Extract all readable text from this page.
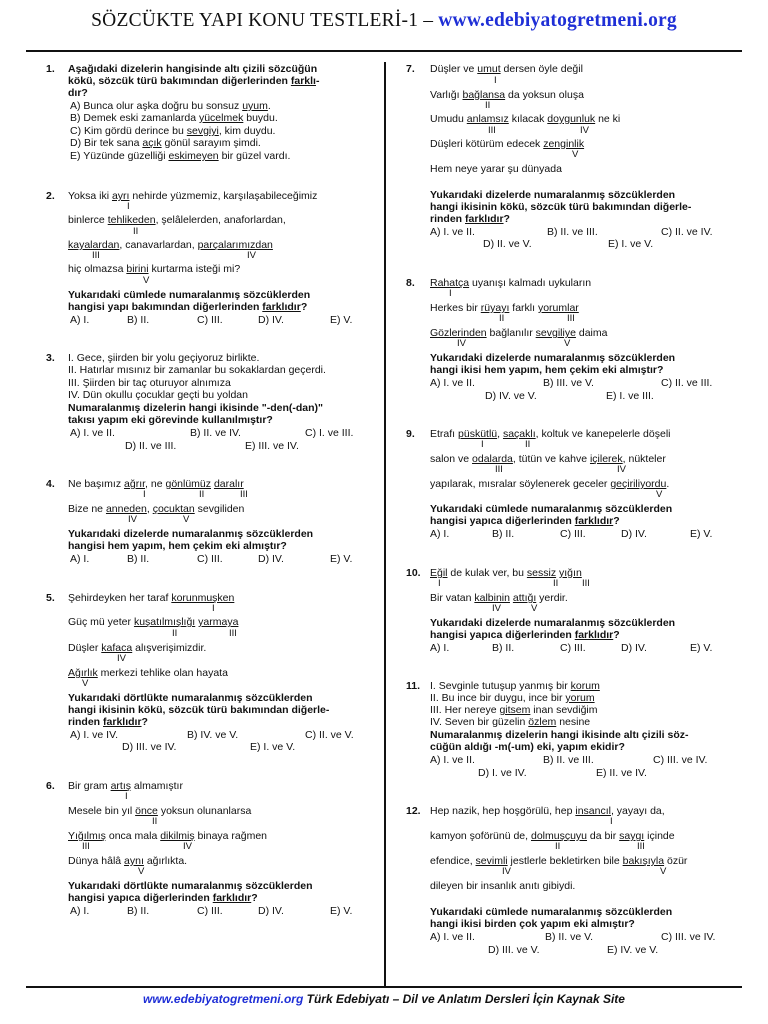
SÖZCÜKTE YAPI KONU TESTLERİ-1 – www.edebiyatogretmeni.org
1. Aşağıdaki dizelerin hangisinde altı çizili sözcüğün
kökü, sözcük türü bakımından diğerlerinden farklı-
dır?
A) Bunca olur aşka doğru bu sonsuz uyum.
B) Demek eski zamanlarda yücelmek buydu.
C) Kim gördü derince bu sevgiyi, kim duydu.
D) Bir tek sana açık gönül sarayım şimdi.
E) Yüzünde güzelliği eskimeyen bir güzel vardı.
2. Yoksa iki ayrı nehirde yüzmemiz, karşılaşabileceğimiz
I
binlerce tehlikeden, şelâlelerden, anaforlardan,
II
kayalardan, canavarlardan, parçalarımızdan
III	IV
hiç olmazsa birini kurtarma isteği mi?
V
Yukarıdaki cümlede numaralanmış sözcüklerden
hangisi yapı bakımından diğerlerinden farklıdır?
A) I.	B) II.	C) III.	D) IV.	E) V.
3. I. Gece, şiirden bir yolu geçiyoruz birlikte.
II. Hatırlar mısınız bir zamanlar bu sokaklardan geçerdi.
III. Şiirden bir taç oturuyor alnımıza
IV. Dün okullu çocuklar geçti bu yoldan
Numaralanmış dizelerin hangi ikisinde "-den(-dan)"
takısı yapım eki görevinde kullanılmıştır?
A) I. ve II.	B) II. ve IV.	C) I. ve III.
D) II. ve III.	E) III. ve IV.
4. Ne başımız ağrır, ne gönlümüz daralır
I	II	III
Bize ne anneden, çocuktan sevgiliden
IV	V
Yukarıdaki dizelerde numaralanmış sözcüklerden
hangisi hem yapım, hem çekim eki almıştır?
A) I.	B) II.	C) III.	D) IV.	E) V.
5. Şehirdeyken her taraf korunmuşken
I
Güç mü yeter kuşatılmışlığı yarmaya
II	III
Düşler kafaca alışverişimizdir.
IV
Ağırlık merkezi tehlike olan hayata
V
Yukarıdaki dörtlükte numaralanmış sözcüklerden
hangi ikisinin kökü, sözcük türü bakımından diğerle-
rinden farklıdır?
A) I. ve IV.	B) IV. ve V.	C) II. ve V.
D) III. ve IV.	E) I. ve V.
6. Bir gram artış almamıştır
I
Mesele bin yıl önce yoksun olunanlarsa
II
Yığılmış onca mala dikilmiş binaya rağmen
III	IV
Dünya hâlâ aynı ağırlıkta.
V
Yukarıdaki dörtlükte numaralanmış sözcüklerden
hangisi yapıca diğerlerinden farklıdır?
A) I.	B) II.	C) III.	D) IV.	E) V.
7. Düşler ve umut dersen öyle değil
I
Varlığı bağlansa da yoksun oluşa
II
Umudu anlamsız kılacak doygunluk ne ki
III	IV
Düşleri kötürüm edecek zenginlik
V
Hem neye yarar şu dünyada
Yukarıdaki dizelerde numaralanmış sözcüklerden
hangi ikisinin kökü, sözcük türü bakımından diğerle-
rinden farklıdır?
A) I. ve II.	B) II. ve III.	C) II. ve IV.
D) II. ve V.	E) I. ve V.
8. Rahatça uyanışı kalmadı uykuların
I
Herkes bir rüyayı farklı yorumlar
II	III
Gözlerinden bağlanılır sevgiliye daima
IV	V
Yukarıdaki dizelerde numaralanmış sözcüklerden
hangi ikisi hem yapım, hem çekim eki almıştır?
A) I. ve II.	B) III. ve V.	C) II. ve III.
D) IV. ve V.	E) I. ve III.
9. Etrafı püskütlü, saçaklı, koltuk ve kanepelerle döşeli
I	II
salon ve odalarda, tütün ve kahve içilerek, nükteler
III	IV
yapılarak, mısralar söylenerek geceler geçiriliyordu.
V
Yukarıdaki cümlede numaralanmış sözcüklerden
hangisi yapıca diğerlerinden farklıdır?
A) I.	B) II.	C) III.	D) IV.	E) V.
10. Eğil de kulak ver, bu sessiz yığın
I	II III
Bir vatan kalbinin attığı yerdir.
IV	V
Yukarıdaki dizelerde numaralanmış sözcüklerden
hangisi yapıca diğerlerinden farklıdır?
A) I.	B) II.	C) III.	D) IV.	E) V.
11. I. Sevginle tutuşup yanmış bir korum
II. Bu ince bir duygu, ince bir yorum
III. Her nereye gitsem inan sevdiğim
IV. Seven bir güzelin özlem nesine
Numaralanmış dizelerin hangi ikisinde altı çizili söz-
cüğün aldığı -m(-um) eki, yapım ekidir?
A) I. ve II.	B) II. ve III.	C) III. ve IV.
D) I. ve IV.	E) II. ve IV.
12. Hep nazik, hep hoşgörülü, hep insancıl, yayayı da,
I
kamyon şoförünü de, dolmuşçuyu da bir saygı içinde
II	III
efendice, sevimli jestlerle bekletirken bile bakışıyla özür
IV	V
dileyen bir insanlık anıtı gibiydi.
Yukarıdaki cümlede numaralanmış sözcüklerden
hangi ikisi birden çok yapım eki almıştır?
A) I. ve II.	B) II. ve V.	C) III. ve IV.
D) III. ve V.	E) IV. ve V.
www.edebiyatogretmeni.org Türk Edebiyatı – Dil ve Anlatım Dersleri İçin Kaynak Site
